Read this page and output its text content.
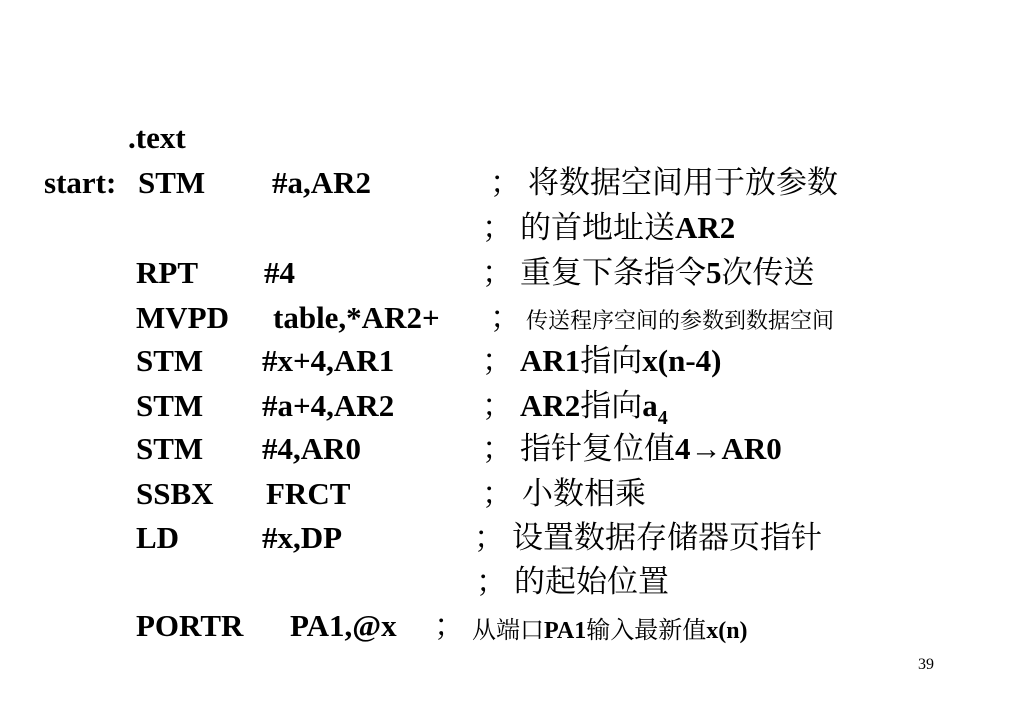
.text
start: STM #a,AR2	； 将数据空间用于放参数
； 的首地址送AR2
RPT #4	； 重复下条指令5次传送
MVPD table,*AR2+ ； 传送程序空间的参数到数据空间
STM #x+4,AR1	； AR1指向x(n-4)
STM #a+4,AR2	； AR2指向$a_4$
STM #4,AR0	； 指针复位值4→AR0
SSBX FRCT	； 小数相乘
LD	#x,DP	； 设置数据存储器页指针
； 的起始位置
PORTR PA1,@x ； 从端口PA1输入最新值x(n)
39
